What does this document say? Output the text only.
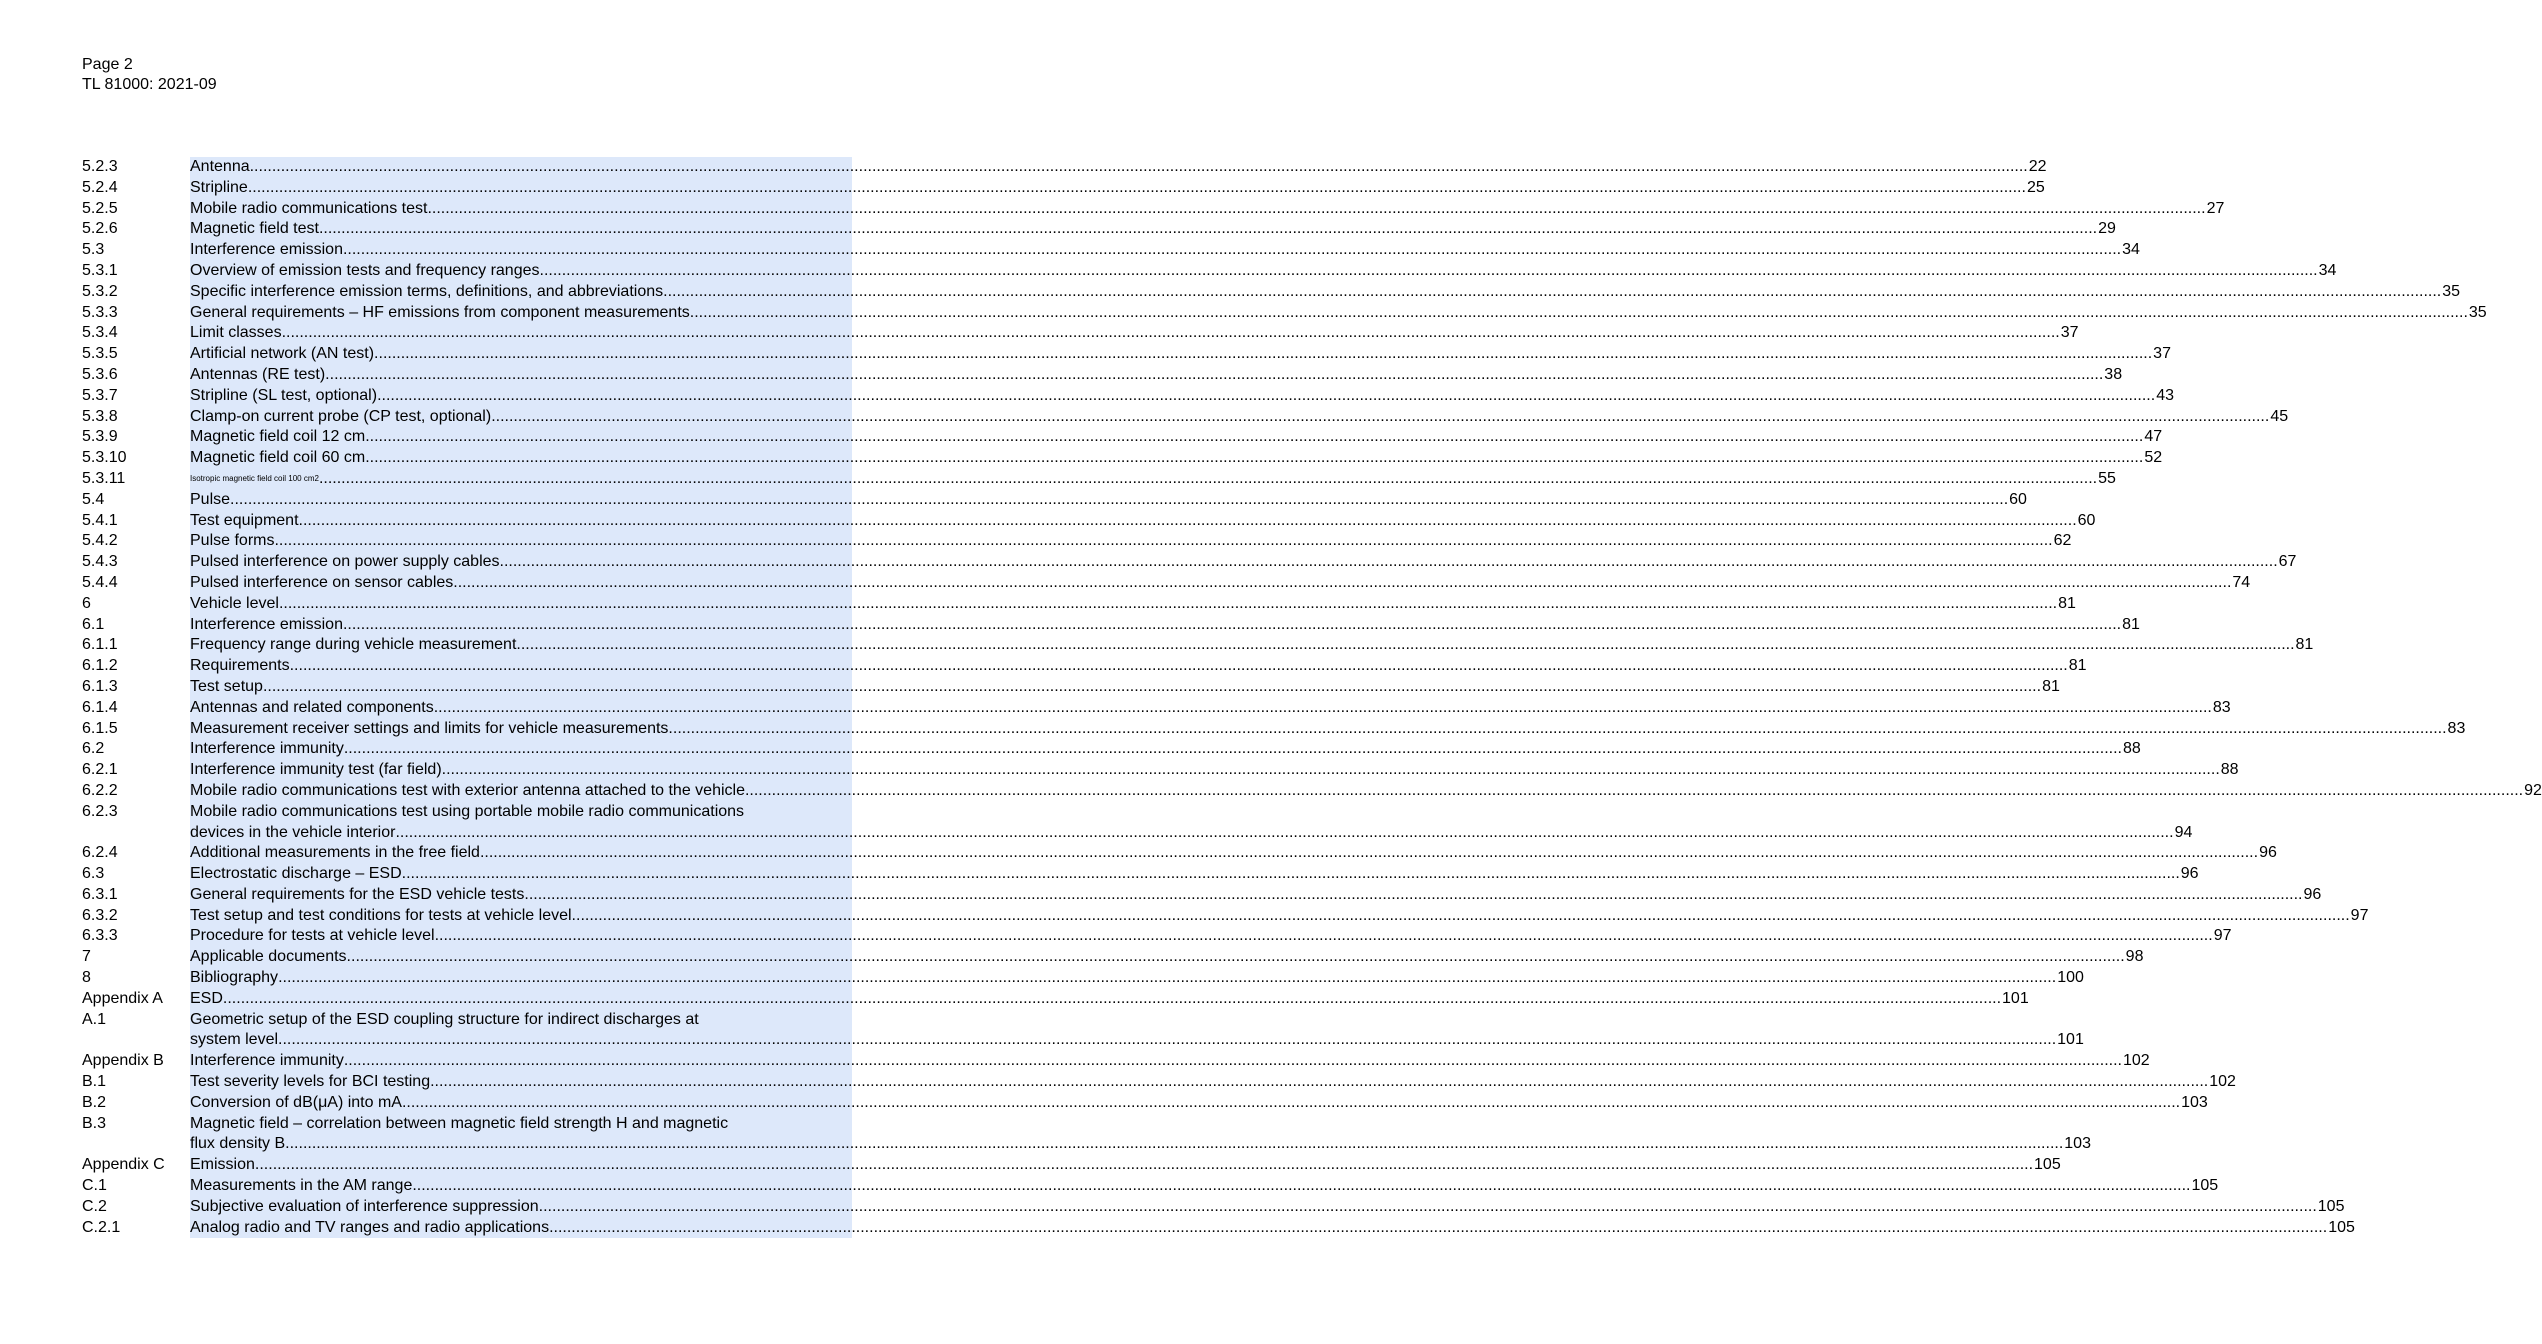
Page 2
TL 81000: 2021-09
5.2.3	Antenna ................................................................................................................................................................................................................................................................................................................................................................................................................ 22
5.2.4	Stripline ................................................................................................................................................................................................................................................................................................................................................................................................................ 25
5.2.5	Mobile radio communications test ................................................................................................................................................................................................................................................................................................................................................................................................................ 27
5.2.6	Magnetic field test ................................................................................................................................................................................................................................................................................................................................................................................................................ 29
5.3	Interference emission ................................................................................................................................................................................................................................................................................................................................................................................................................ 34
5.3.1	Overview of emission tests and frequency ranges ................................................................................................................................................................................................................................................................................................................................................................................................................ 34
5.3.2	Specific interference emission terms, definitions, and abbreviations ................................................................................................................................................................................................................................................................................................................................................................................................................ 35
5.3.3	General requirements – HF emissions from component measurements ................................................................................................................................................................................................................................................................................................................................................................................................................ 35
5.3.4	Limit classes ................................................................................................................................................................................................................................................................................................................................................................................................................ 37
5.3.5	Artificial network (AN test) ................................................................................................................................................................................................................................................................................................................................................................................................................ 37
5.3.6	Antennas (RE test) ................................................................................................................................................................................................................................................................................................................................................................................................................ 38
5.3.7	Stripline (SL test, optional) ................................................................................................................................................................................................................................................................................................................................................................................................................ 43
5.3.8	Clamp-on current probe (CP test, optional) ................................................................................................................................................................................................................................................................................................................................................................................................................ 45
5.3.9	Magnetic field coil 12 cm ................................................................................................................................................................................................................................................................................................................................................................................................................ 47
5.3.10	Magnetic field coil 60 cm ................................................................................................................................................................................................................................................................................................................................................................................................................ 52
5.3.11	Isotropic magnetic field coil 100 cm2 ................................................................................................................................................................................................................................................................................................................................................................................................................ 55
5.4	Pulse ................................................................................................................................................................................................................................................................................................................................................................................................................ 60
5.4.1	Test equipment ................................................................................................................................................................................................................................................................................................................................................................................................................ 60
5.4.2	Pulse forms ................................................................................................................................................................................................................................................................................................................................................................................................................ 62
5.4.3	Pulsed interference on power supply cables ................................................................................................................................................................................................................................................................................................................................................................................................................ 67
5.4.4	Pulsed interference on sensor cables ................................................................................................................................................................................................................................................................................................................................................................................................................ 74
6	Vehicle level ................................................................................................................................................................................................................................................................................................................................................................................................................ 81
6.1	Interference emission ................................................................................................................................................................................................................................................................................................................................................................................................................ 81
6.1.1	Frequency range during vehicle measurement ................................................................................................................................................................................................................................................................................................................................................................................................................ 81
6.1.2	Requirements ................................................................................................................................................................................................................................................................................................................................................................................................................ 81
6.1.3	Test setup ................................................................................................................................................................................................................................................................................................................................................................................................................ 81
6.1.4	Antennas and related components ................................................................................................................................................................................................................................................................................................................................................................................................................ 83
6.1.5	Measurement receiver settings and limits for vehicle measurements ................................................................................................................................................................................................................................................................................................................................................................................................................ 83
6.2	Interference immunity ................................................................................................................................................................................................................................................................................................................................................................................................................ 88
6.2.1	Interference immunity test (far field) ................................................................................................................................................................................................................................................................................................................................................................................................................ 88
6.2.2	Mobile radio communications test with exterior antenna attached to the vehicle ................................................................................................................................................................................................................................................................................................................................................................................................................ 92
6.2.3	Mobile radio communications test using portable mobile radio communications
devices in the vehicle interior ................................................................................................................................................................................................................................................................................................................................................................................................................ 94
6.2.4	Additional measurements in the free field ................................................................................................................................................................................................................................................................................................................................................................................................................ 96
6.3	Electrostatic discharge – ESD ................................................................................................................................................................................................................................................................................................................................................................................................................ 96
6.3.1	General requirements for the ESD vehicle tests ................................................................................................................................................................................................................................................................................................................................................................................................................ 96
6.3.2	Test setup and test conditions for tests at vehicle level ................................................................................................................................................................................................................................................................................................................................................................................................................ 97
6.3.3	Procedure for tests at vehicle level ................................................................................................................................................................................................................................................................................................................................................................................................................ 97
7	Applicable documents ................................................................................................................................................................................................................................................................................................................................................................................................................ 98
8	Bibliography ................................................................................................................................................................................................................................................................................................................................................................................................................ 100
Appendix A	ESD ................................................................................................................................................................................................................................................................................................................................................................................................................ 101
A.1	Geometric setup of the ESD coupling structure for indirect discharges at
system level ................................................................................................................................................................................................................................................................................................................................................................................................................ 101
Appendix B	Interference immunity ................................................................................................................................................................................................................................................................................................................................................................................................................ 102
B.1	Test severity levels for BCI testing ................................................................................................................................................................................................................................................................................................................................................................................................................ 102
B.2	Conversion of dB(μA) into mA ................................................................................................................................................................................................................................................................................................................................................................................................................ 103
B.3	Magnetic field – correlation between magnetic field strength H and magnetic
flux density B ................................................................................................................................................................................................................................................................................................................................................................................................................ 103
Appendix C	Emission ................................................................................................................................................................................................................................................................................................................................................................................................................ 105
C.1	Measurements in the AM range ................................................................................................................................................................................................................................................................................................................................................................................................................ 105
C.2	Subjective evaluation of interference suppression ................................................................................................................................................................................................................................................................................................................................................................................................................ 105
C.2.1	Analog radio and TV ranges and radio applications ................................................................................................................................................................................................................................................................................................................................................................................................................ 105
